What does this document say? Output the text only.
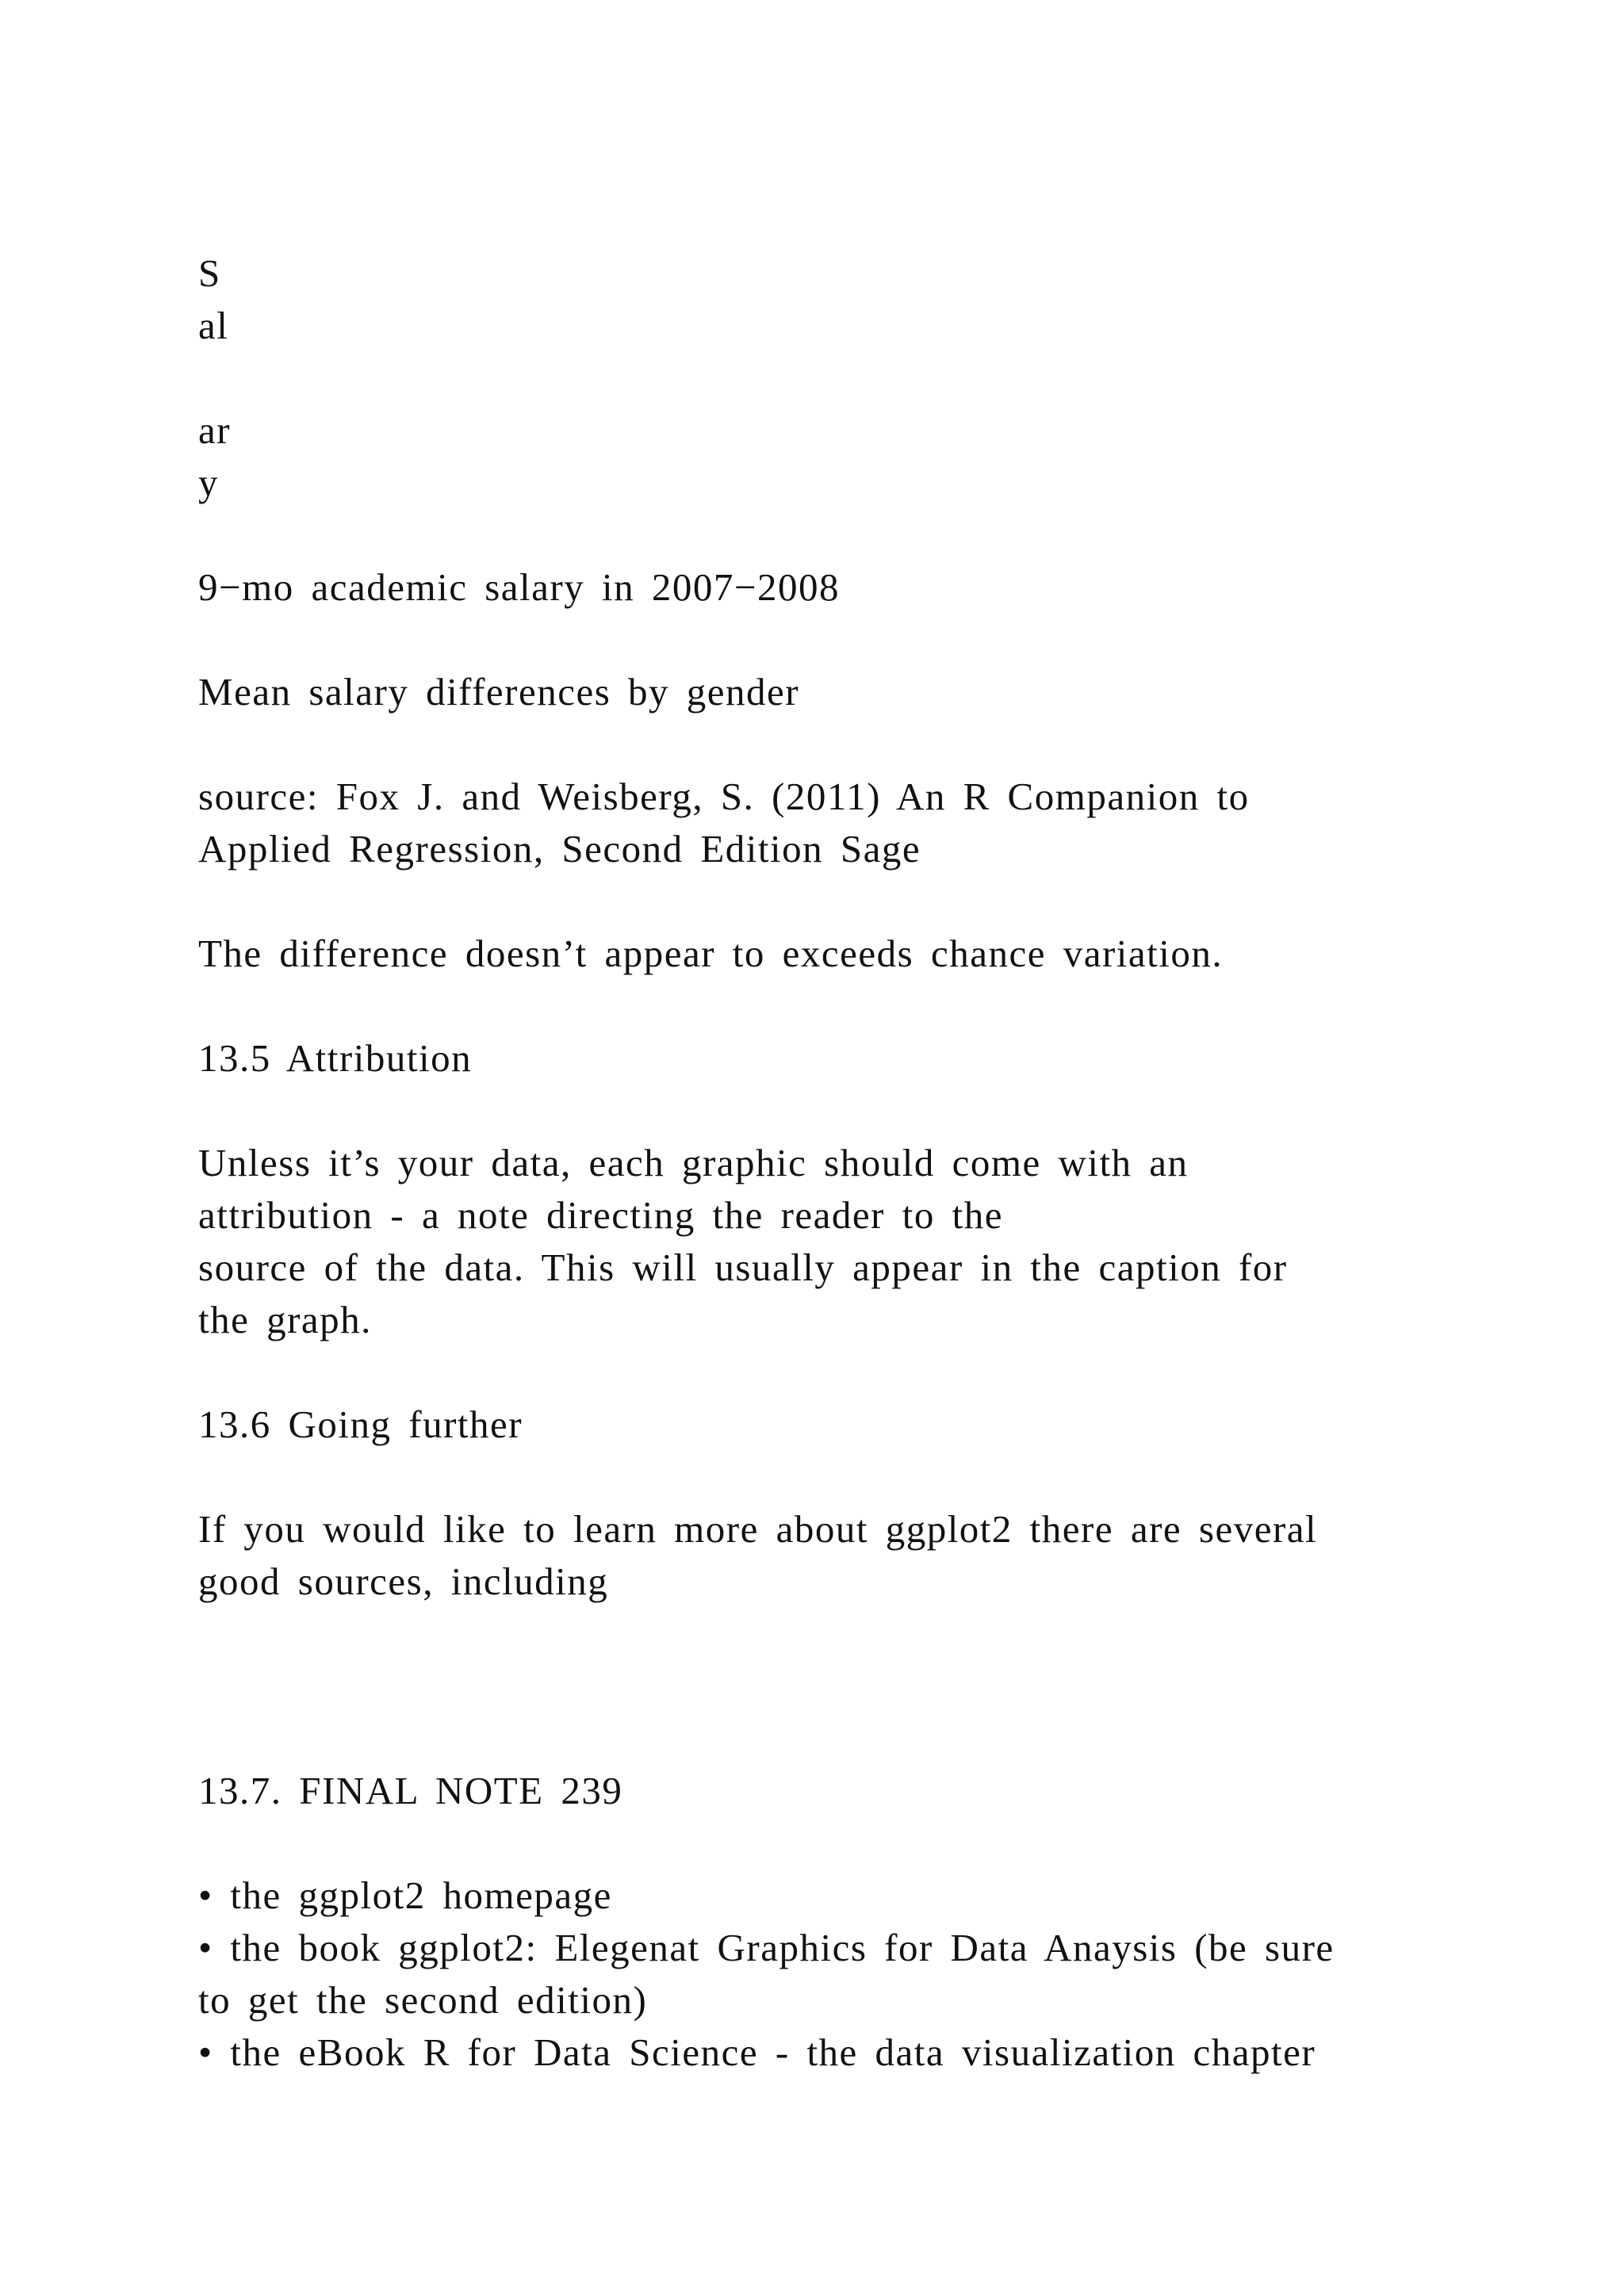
S
al
ar
y
9−mo academic salary in 2007−2008
Mean salary differences by gender
source: Fox J. and Weisberg, S. (2011) An R Companion to
Applied Regression, Second Edition Sage
The difference doesn’t appear to exceeds chance variation.
13.5 Attribution
Unless it’s your data, each graphic should come with an
attribution - a note directing the reader to the
source of the data. This will usually appear in the caption for
the graph.
13.6 Going further
If you would like to learn more about ggplot2 there are several
good sources, including
13.7. FINAL NOTE 239
• the ggplot2 homepage
• the book ggplot2: Elegenat Graphics for Data Anaysis (be sure
to get the second edition)
• the eBook R for Data Science - the data visualization chapter
